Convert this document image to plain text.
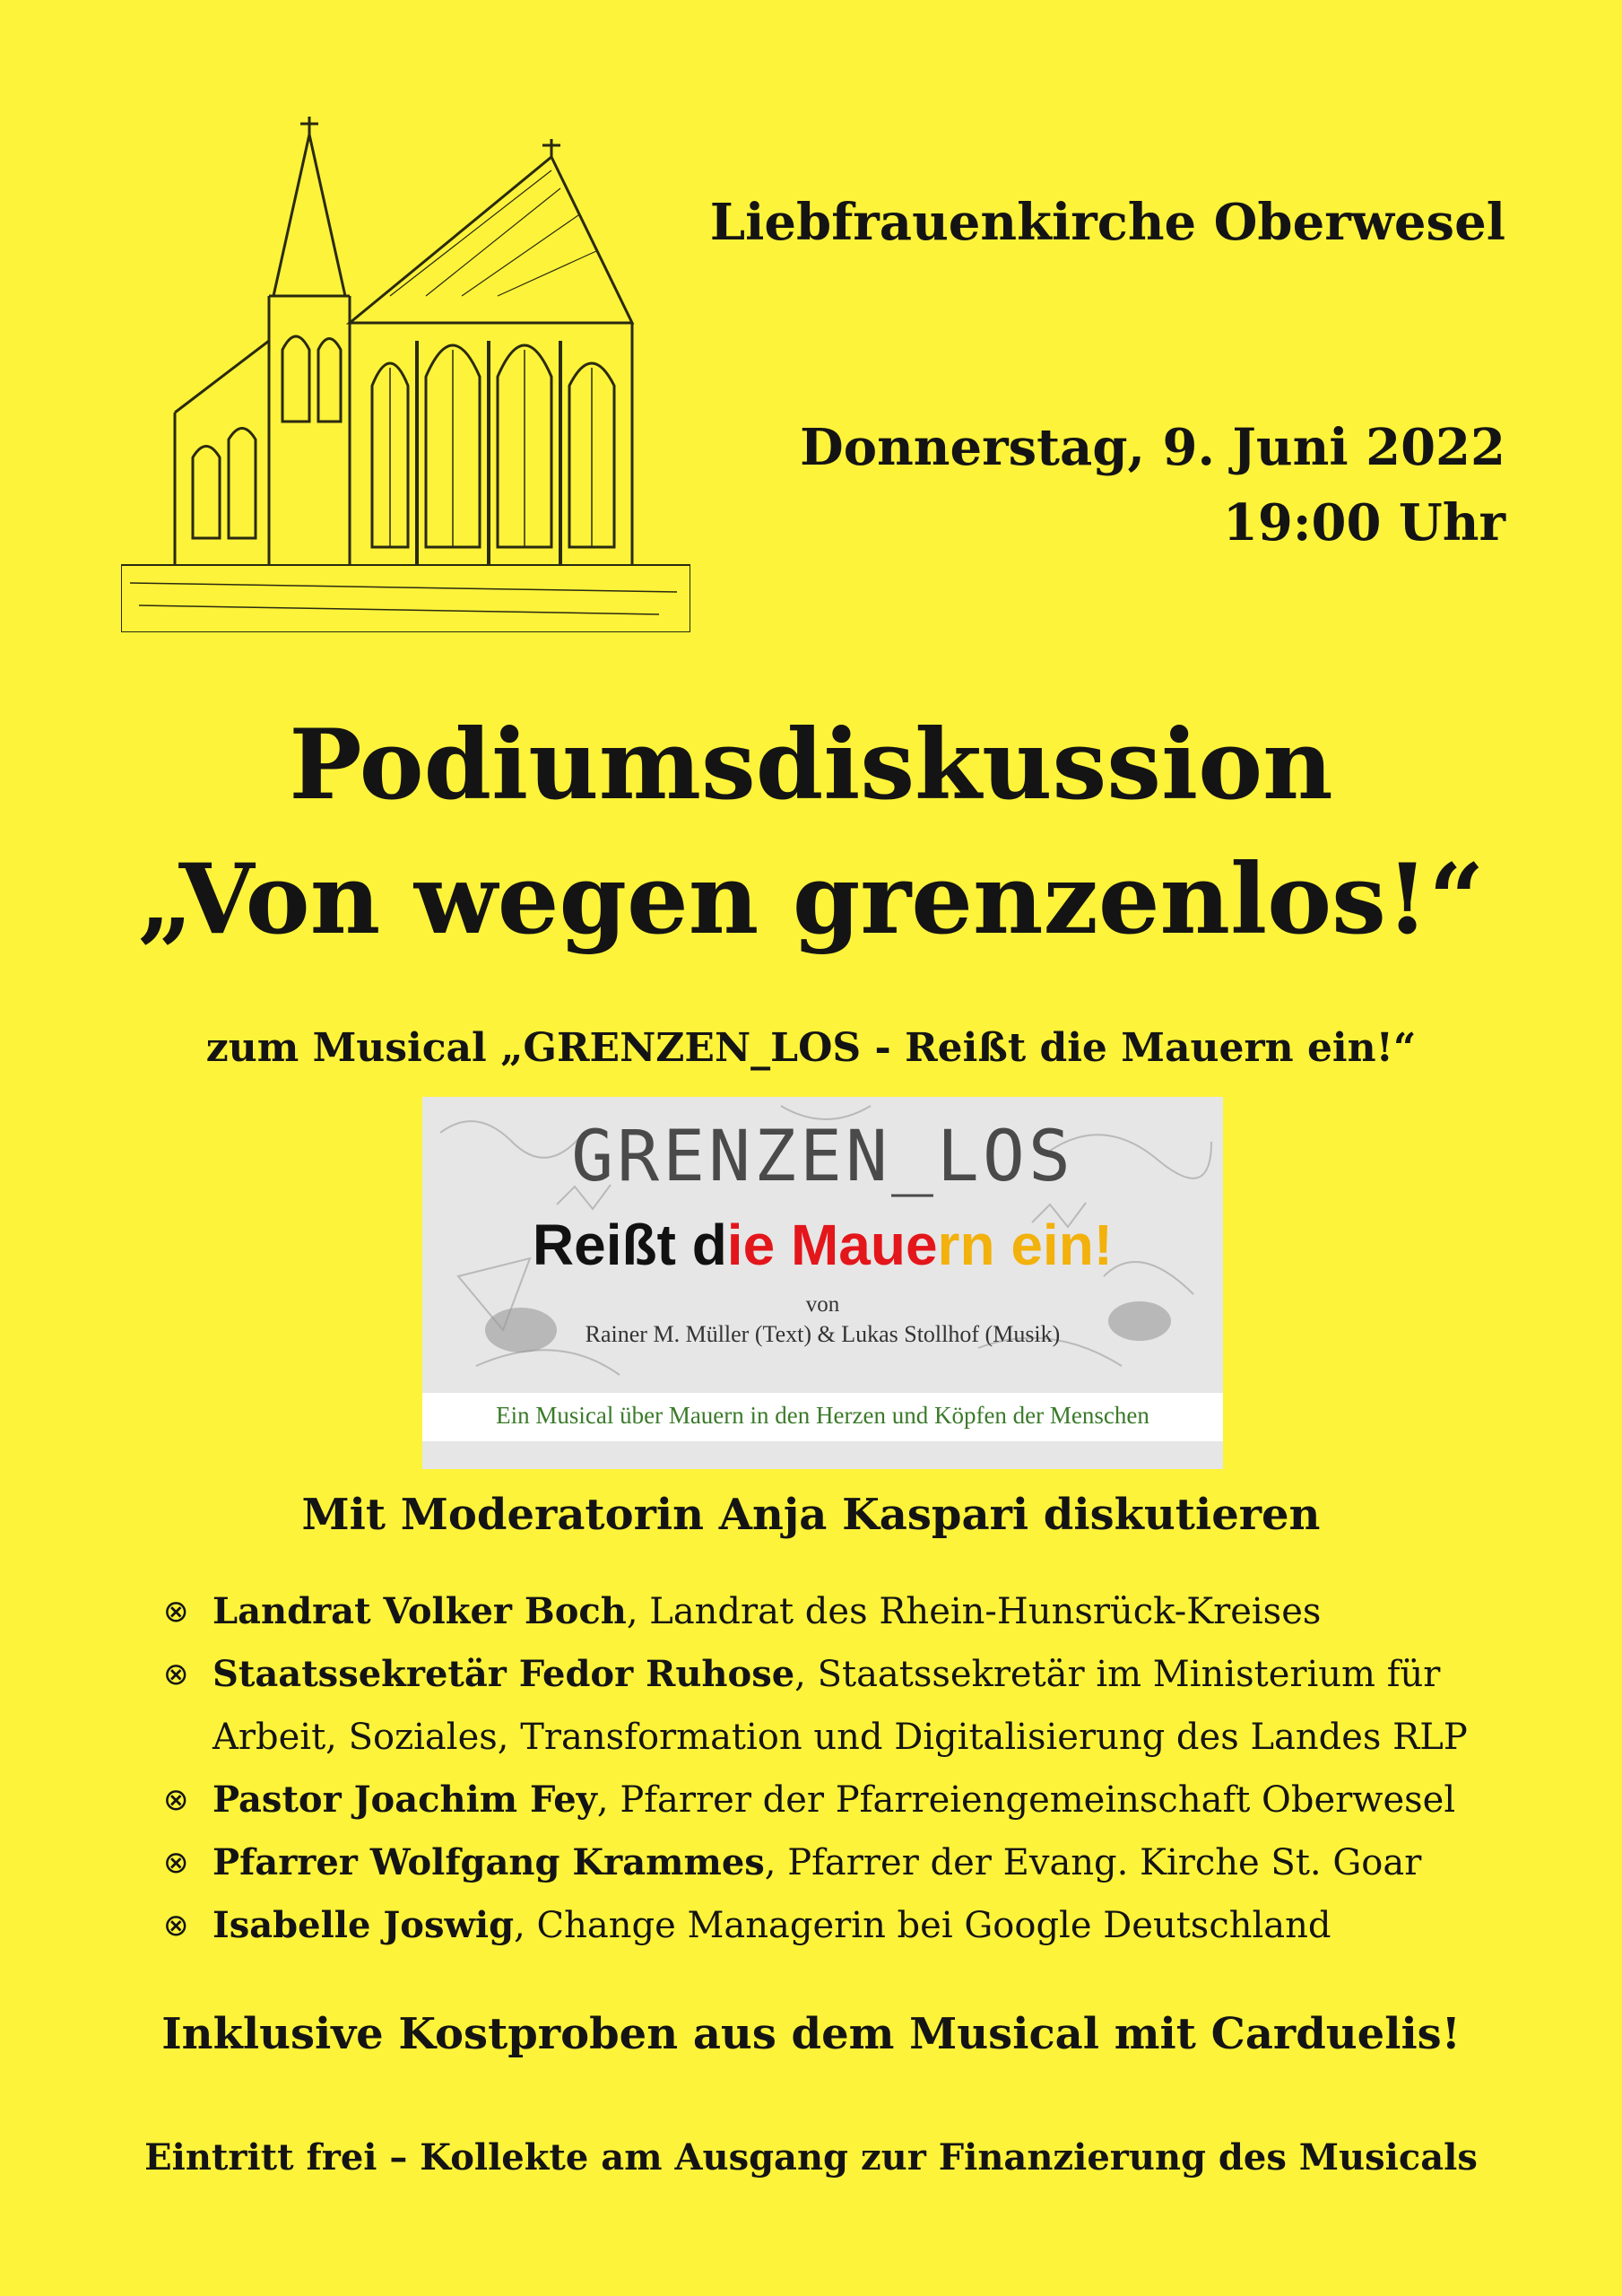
Liebfrauenkirche Oberwesel
Donnerstag, 9. Juni 2022
19:00 Uhr
Podiumsdiskussion
„Von wegen grenzenlos!“
zum Musical „GRENZEN_LOS - Reißt die Mauern ein!“
GRENZEN_LOS
Reißt die Mauern ein!
von
Rainer M. Müller (Text) & Lukas Stollhof (Musik)
Ein Musical über Mauern in den Herzen und Köpfen der Menschen
Mit Moderatorin Anja Kaspari diskutieren
⊗ Landrat Volker Boch, Landrat des Rhein-Hunsrück-Kreises
⊗ Staatssekretär Fedor Ruhose, Staatssekretär im Ministerium für Arbeit, Soziales, Transformation und Digitalisierung des Landes RLP
⊗ Pastor Joachim Fey, Pfarrer der Pfarreiengemeinschaft Oberwesel
⊗ Pfarrer Wolfgang Krammes, Pfarrer der Evang. Kirche St. Goar
⊗ Isabelle Joswig, Change Managerin bei Google Deutschland
Inklusive Kostproben aus dem Musical mit Carduelis!
Eintritt frei – Kollekte am Ausgang zur Finanzierung des Musicals
